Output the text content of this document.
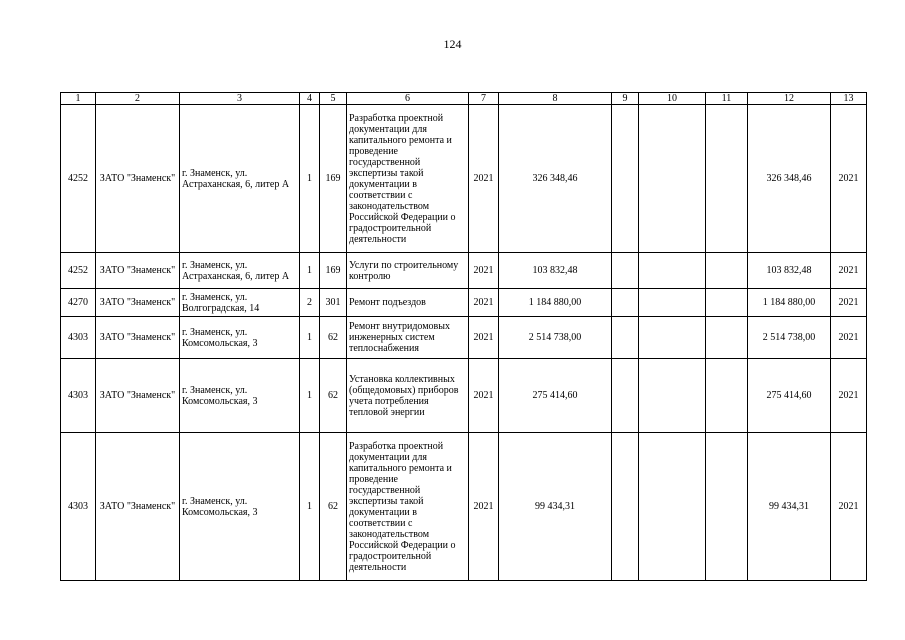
124
1	2	3	4	5	6	7	8	9	10	11	12	13
4252	ЗАТО "Знаменск"	г. Знаменск, ул. Астраханская, 6, литер А	1	169	Разработка проектной документации для капитального ремонта и проведение государственной экспертизы такой документации в соответствии с законодательством Российской Федерации о градостроительной деятельности	2021	326 348,46				326 348,46	2021
4252	ЗАТО "Знаменск"	г. Знаменск, ул. Астраханская, 6, литер А	1	169	Услуги по строительному контролю	2021	103 832,48				103 832,48	2021
4270	ЗАТО "Знаменск"	г. Знаменск, ул. Волгоградская, 14	2	301	Ремонт подъездов	2021	1 184 880,00				1 184 880,00	2021
4303	ЗАТО "Знаменск"	г. Знаменск, ул. Комсомольская, 3	1	62	Ремонт внутридомовых инженерных систем теплоснабжения	2021	2 514 738,00				2 514 738,00	2021
4303	ЗАТО "Знаменск"	г. Знаменск, ул. Комсомольская, 3	1	62	Установка коллективных (общедомовых) приборов учета потребления тепловой энергии	2021	275 414,60				275 414,60	2021
4303	ЗАТО "Знаменск"	г. Знаменск, ул. Комсомольская, 3	1	62	Разработка проектной документации для капитального ремонта и проведение государственной экспертизы такой документации в соответствии с законодательством Российской Федерации о градостроительной деятельности	2021	99 434,31				99 434,31	2021
